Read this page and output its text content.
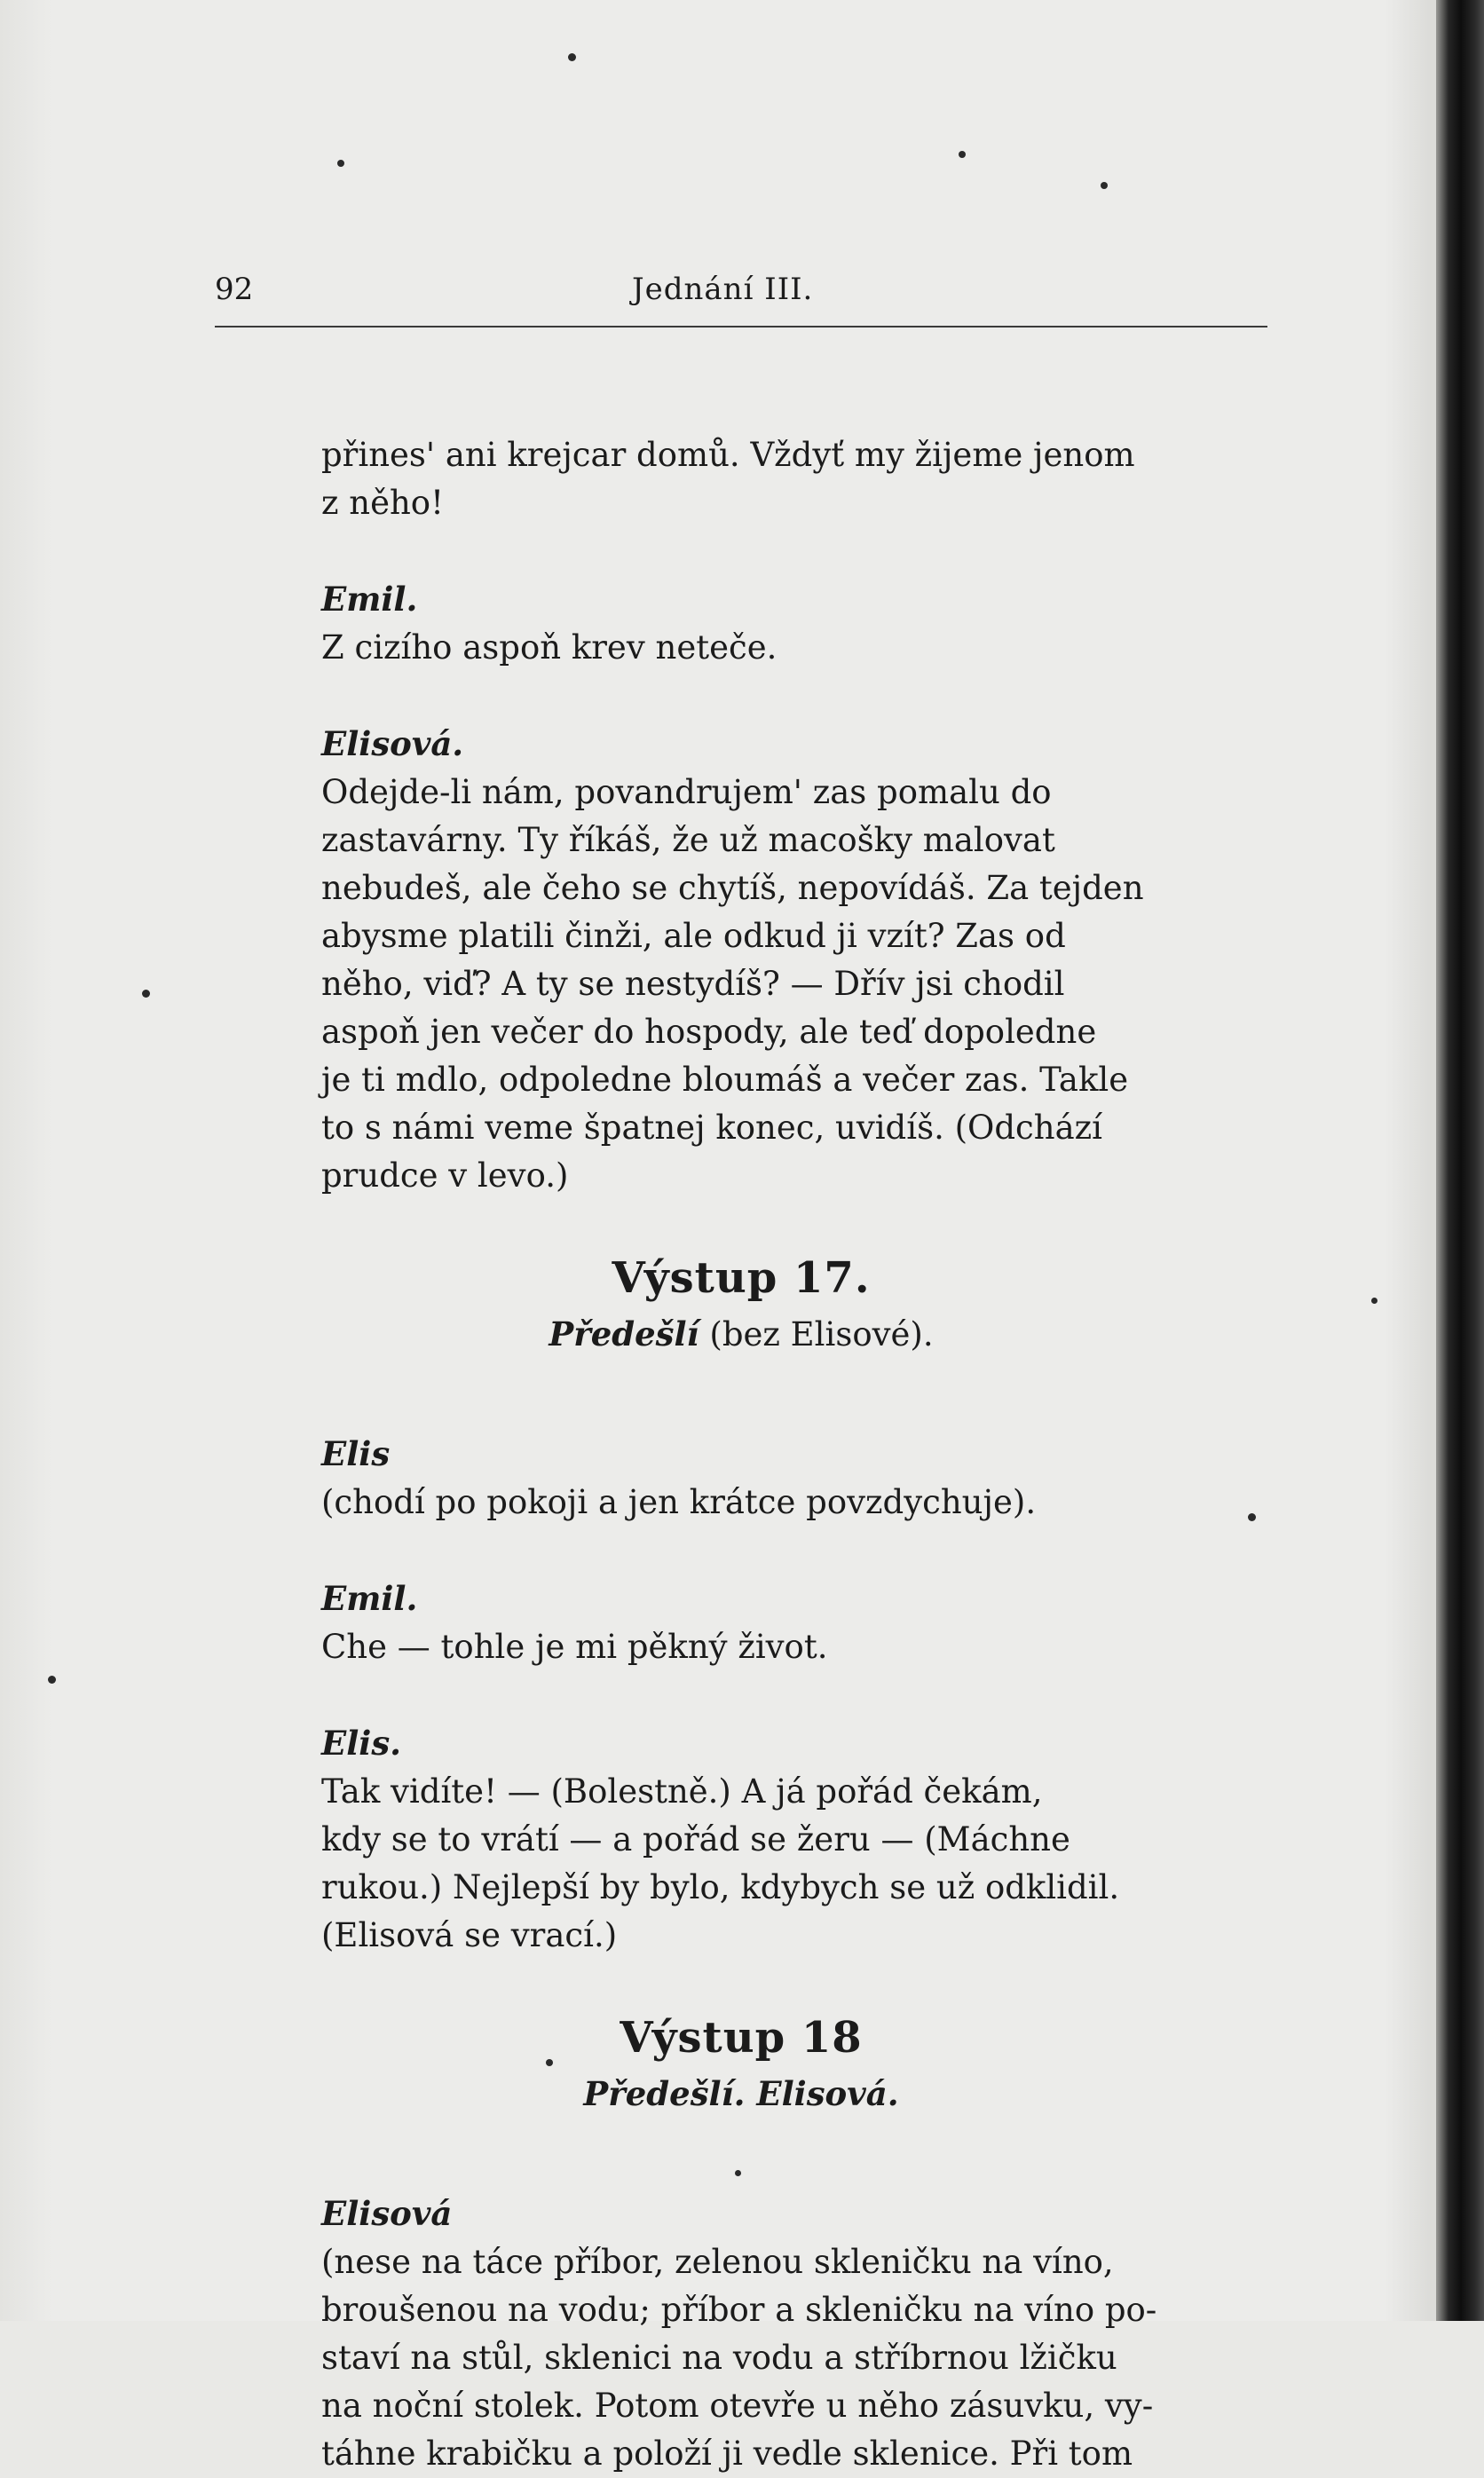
92	Jednání III.

přines' ani krejcar domů. Vždyť my žijeme jenom
z něho!

Emil.
Z cizího aspoň krev neteče.

Elisová.
Odejde-li nám, povandrujem' zas pomalu do
zastavárny. Ty říkáš, že už macošky malovat
nebudeš, ale čeho se chytíš, nepovídáš. Za tejden
abysme platili činži, ale odkud ji vzít? Zas od
něho, viď? A ty se nestydíš? — Dřív jsi chodil
aspoň jen večer do hospody, ale teď dopoledne
je ti mdlo, odpoledne bloumáš a večer zas. Takle
to s námi veme špatnej konec, uvidíš. (Odchází
prudce v levo.)

Výstup 17.
Předešlí (bez Elisové).

Elis
(chodí po pokoji a jen krátce povzdychuje).

Emil.
Che — tohle je mi pěkný život.

Elis.
Tak vidíte! — (Bolestně.) A já pořád čekám,
kdy se to vrátí — a pořád se žeru — (Máchne
rukou.) Nejlepší by bylo, kdybych se už odklidil.
(Elisová se vrací.)

Výstup 18
Předešlí. Elisová.

Elisová
(nese na táce příbor, zelenou skleničku na víno,
broušenou na vodu; příbor a skleničku na víno po-
staví na stůl, sklenici na vodu a stříbrnou lžičku
na noční stolek. Potom otevře u něho zásuvku, vy-
táhne krabičku a položí ji vedle sklenice. Při tom
